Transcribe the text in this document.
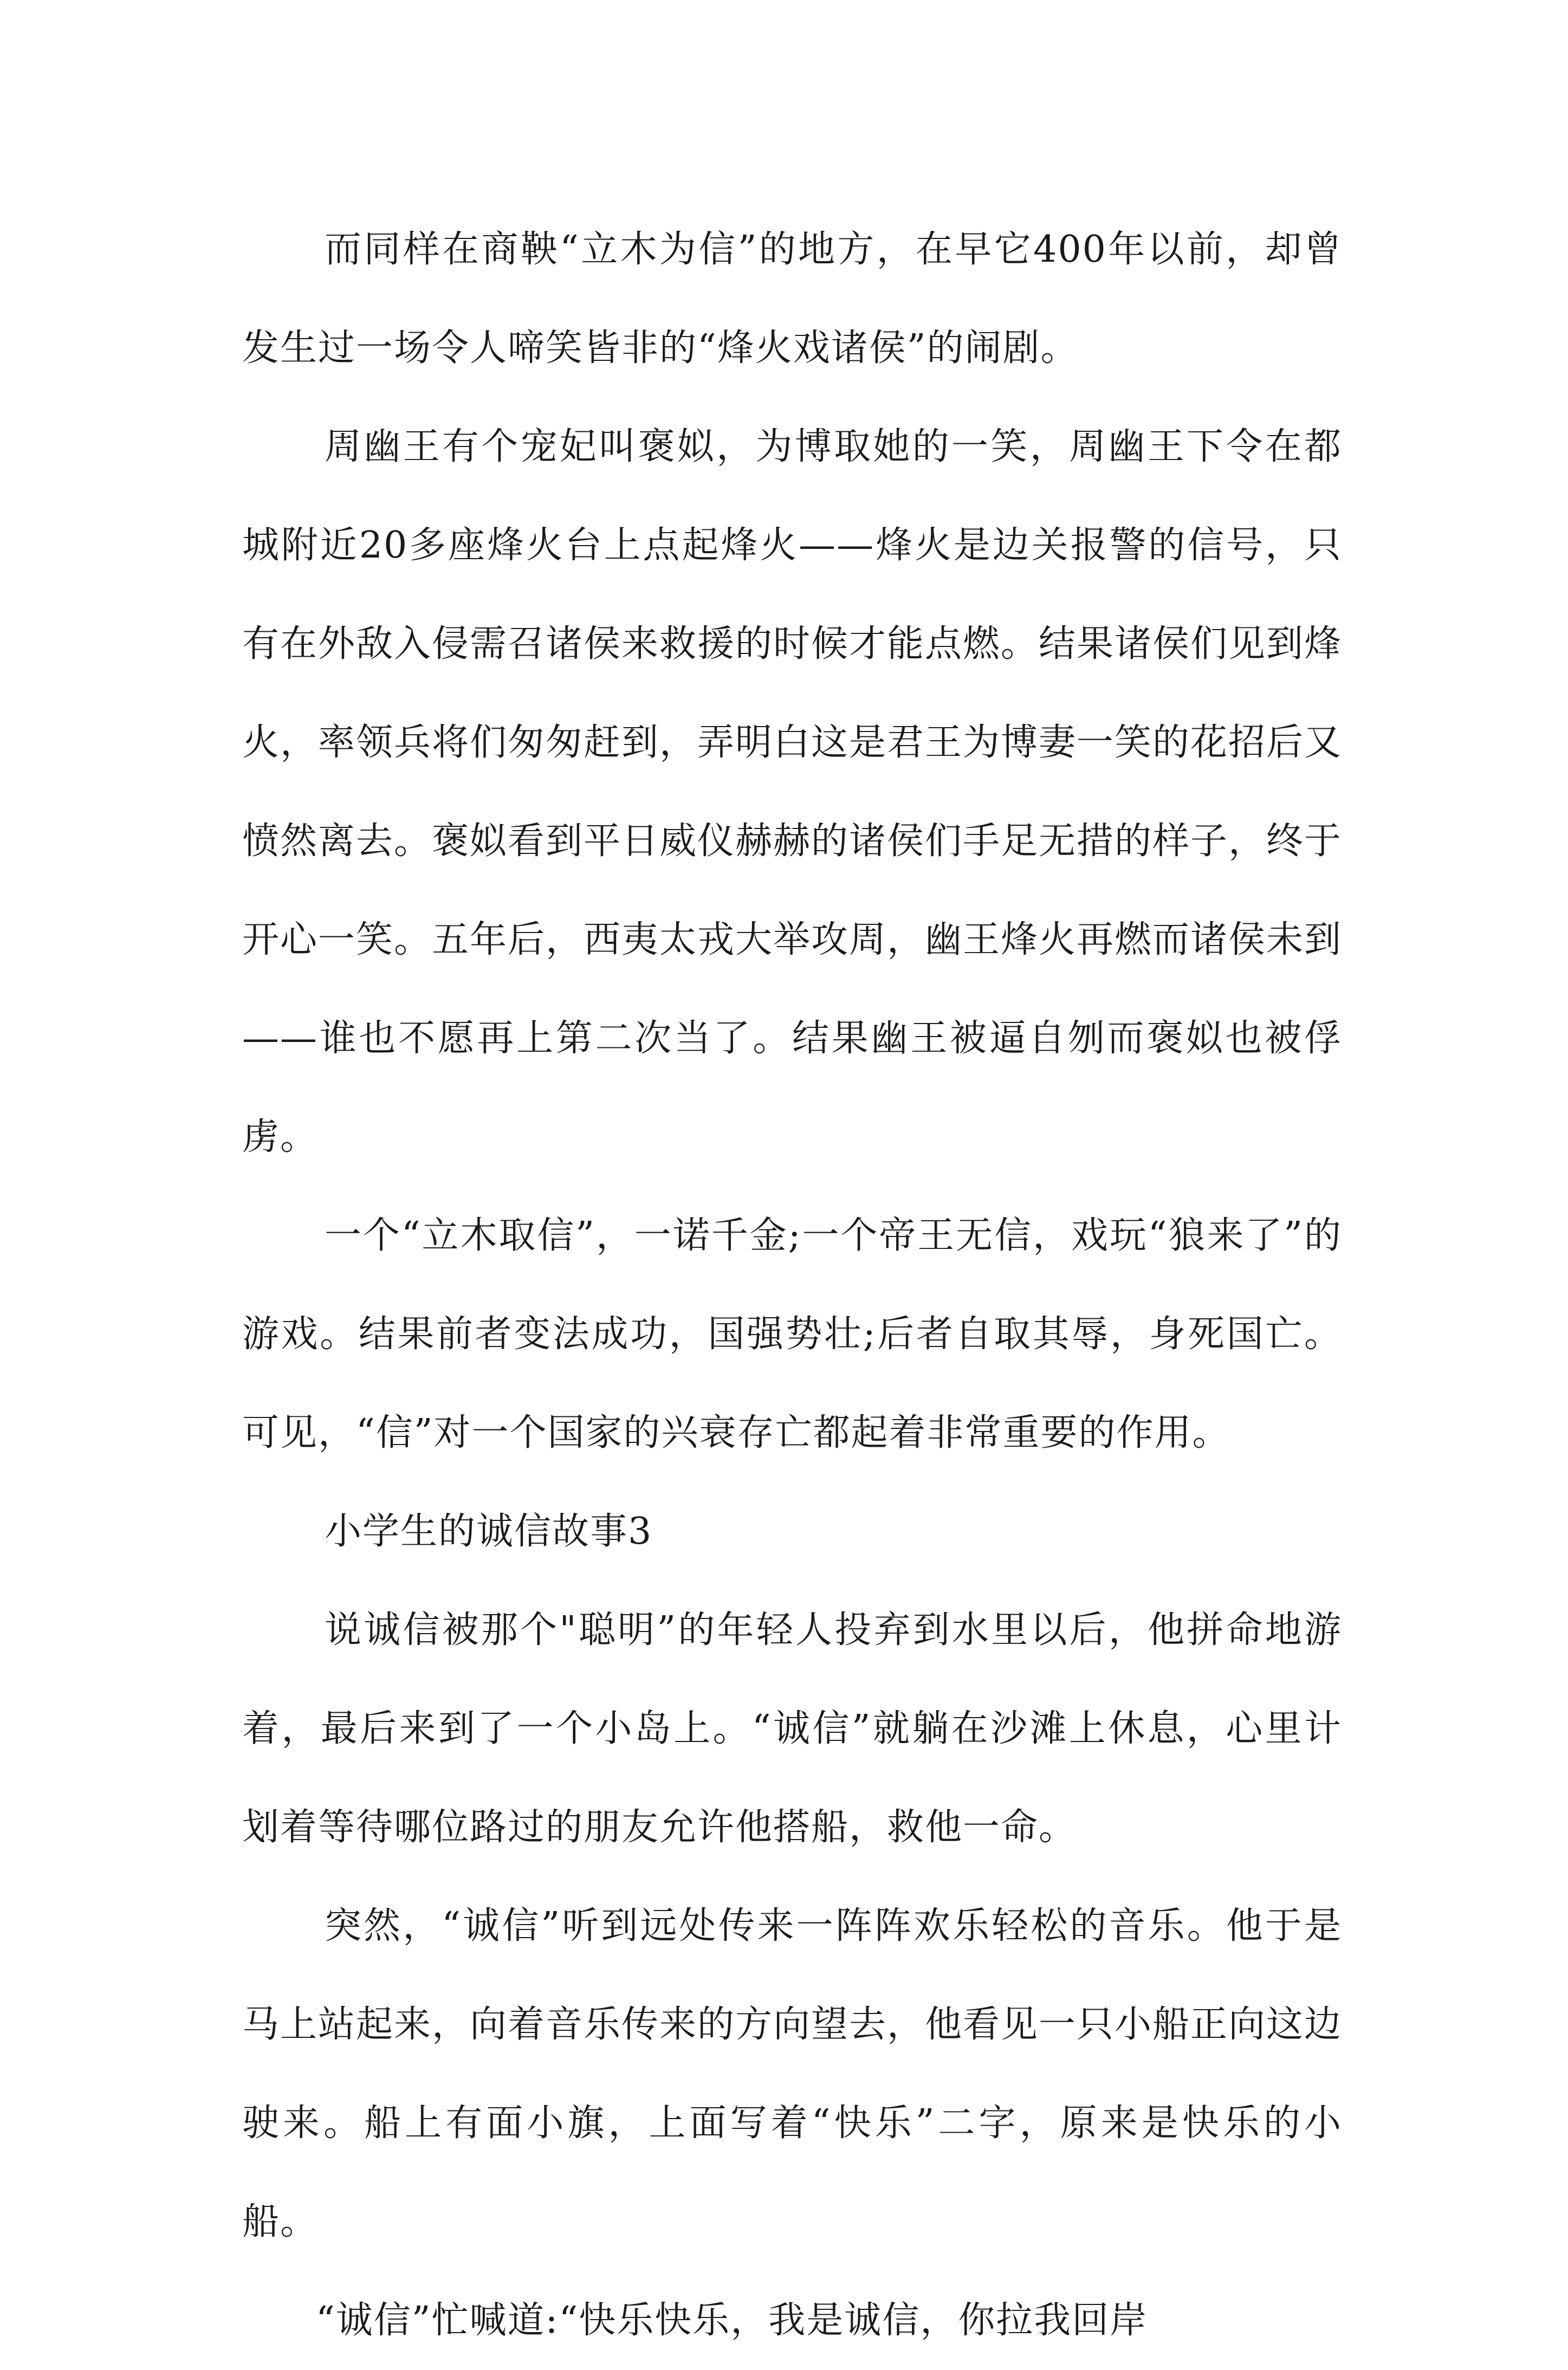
而同样在商鞅“立木为信”的地方，在早它400年以前，却曾发生过一场令人啼笑皆非的“烽火戏诸侯”的闹剧。

周幽王有个宠妃叫褒姒，为博取她的一笑，周幽王下令在都城附近20多座烽火台上点起烽火——烽火是边关报警的信号，只有在外敌入侵需召诸侯来救援的时候才能点燃。结果诸侯们见到烽火，率领兵将们匆匆赶到，弄明白这是君王为博妻一笑的花招后又愤然离去。褒姒看到平日威仪赫赫的诸侯们手足无措的样子，终于开心一笑。五年后，西夷太戎大举攻周，幽王烽火再燃而诸侯未到——谁也不愿再上第二次当了。结果幽王被逼自刎而褒姒也被俘虏。

一个“立木取信”，一诺千金;一个帝王无信，戏玩“狼来了”的游戏。结果前者变法成功，国强势壮;后者自取其辱，身死国亡。可见，“信”对一个国家的兴衰存亡都起着非常重要的作用。

小学生的诚信故事3

说诚信被那个"聪明”的年轻人投弃到水里以后，他拼命地游着，最后来到了一个小岛上。“诚信”就躺在沙滩上休息，心里计划着等待哪位路过的朋友允许他搭船，救他一命。

突然，“诚信”听到远处传来一阵阵欢乐轻松的音乐。他于是马上站起来，向着音乐传来的方向望去，他看见一只小船正向这边驶来。船上有面小旗，上面写着“快乐”二字，原来是快乐的小船。

“诚信”忙喊道:“快乐快乐，我是诚信，你拉我回岸
